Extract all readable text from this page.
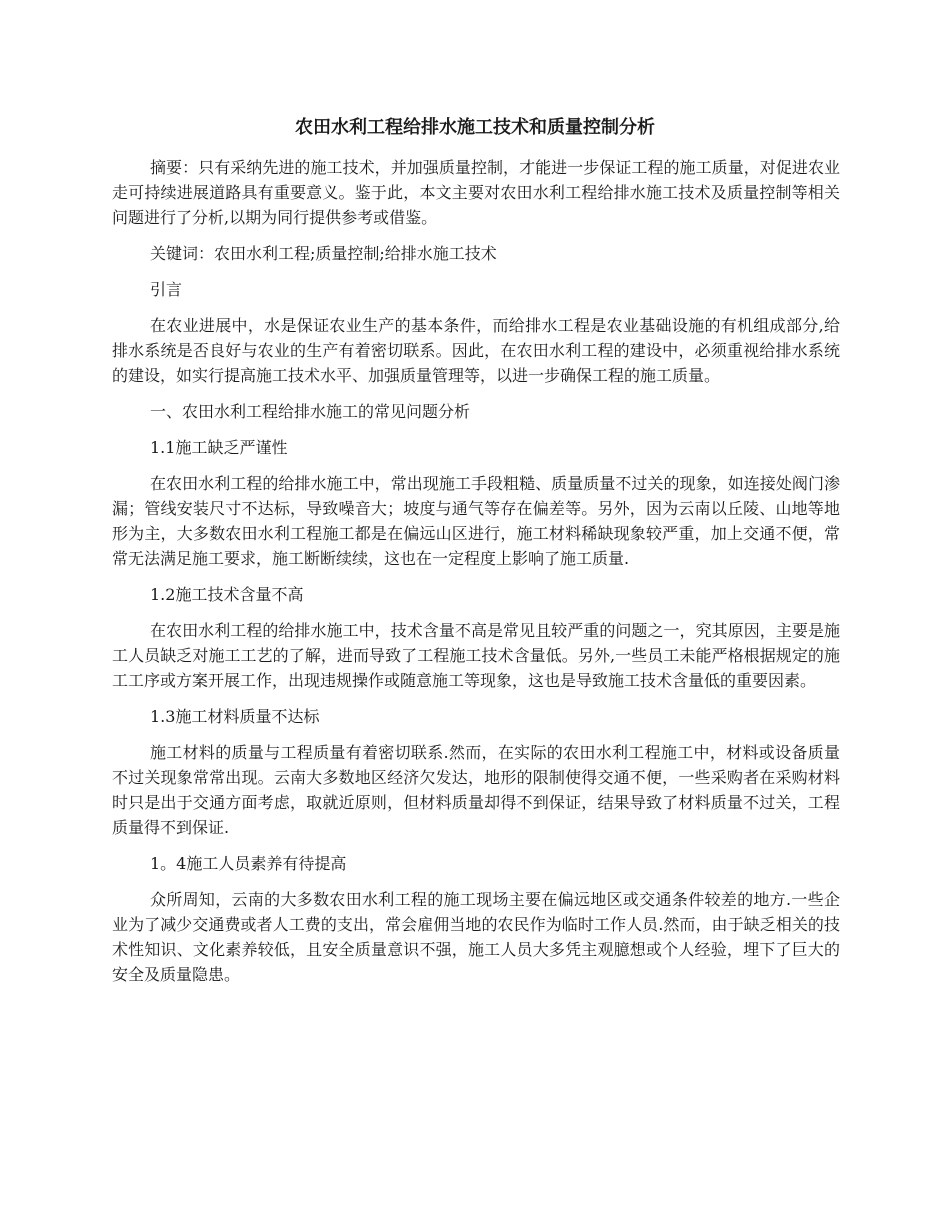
农田水利工程给排水施工技术和质量控制分析

摘要：只有采纳先进的施工技术，并加强质量控制，才能进一步保证工程的施工质量，对促进农业走可持续进展道路具有重要意义。鉴于此，本文主要对农田水利工程给排水施工技术及质量控制等相关问题进行了分析,以期为同行提供参考或借鉴。

关键词：农田水利工程;质量控制;给排水施工技术

引言

在农业进展中，水是保证农业生产的基本条件，而给排水工程是农业基础设施的有机组成部分,给排水系统是否良好与农业的生产有着密切联系。因此，在农田水利工程的建设中，必须重视给排水系统的建设，如实行提高施工技术水平、加强质量管理等，以进一步确保工程的施工质量。

一、农田水利工程给排水施工的常见问题分析

1.1施工缺乏严谨性

在农田水利工程的给排水施工中，常出现施工手段粗糙、质量质量不过关的现象，如连接处阀门渗漏；管线安装尺寸不达标，导致噪音大；坡度与通气等存在偏差等。另外，因为云南以丘陵、山地等地形为主，大多数农田水利工程施工都是在偏远山区进行，施工材料稀缺现象较严重，加上交通不便，常常无法满足施工要求，施工断断续续，这也在一定程度上影响了施工质量.

1.2施工技术含量不高

在农田水利工程的给排水施工中，技术含量不高是常见且较严重的问题之一，究其原因，主要是施工人员缺乏对施工工艺的了解，进而导致了工程施工技术含量低。另外,一些员工未能严格根据规定的施工工序或方案开展工作，出现违规操作或随意施工等现象，这也是导致施工技术含量低的重要因素。

1.3施工材料质量不达标

施工材料的质量与工程质量有着密切联系.然而，在实际的农田水利工程施工中，材料或设备质量不过关现象常常出现。云南大多数地区经济欠发达，地形的限制使得交通不便，一些采购者在采购材料时只是出于交通方面考虑，取就近原则，但材料质量却得不到保证，结果导致了材料质量不过关，工程质量得不到保证.

1。4施工人员素养有待提高

众所周知，云南的大多数农田水利工程的施工现场主要在偏远地区或交通条件较差的地方.一些企业为了减少交通费或者人工费的支出，常会雇佣当地的农民作为临时工作人员.然而，由于缺乏相关的技术性知识、文化素养较低，且安全质量意识不强，施工人员大多凭主观臆想或个人经验，埋下了巨大的安全及质量隐患。
